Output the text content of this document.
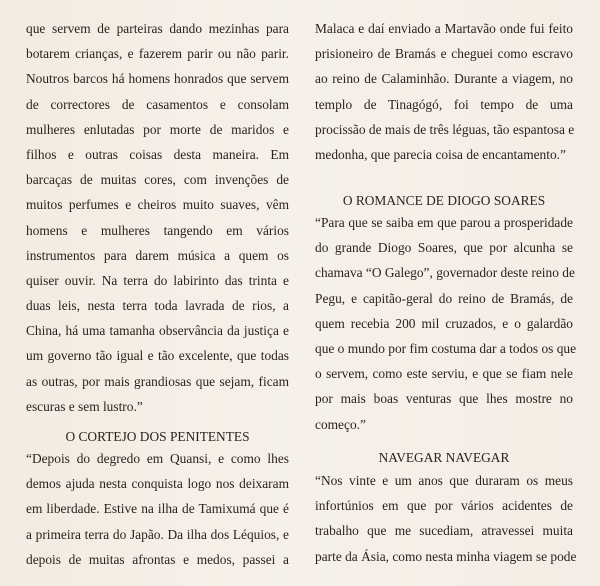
que servem de parteiras dando mezinhas para
botarem crianças, e fazerem parir ou não parir.
Noutros barcos há homens honrados que servem
de correctores de casamentos e consolam
mulheres enlutadas por morte de maridos e
filhos e outras coisas desta maneira. Em
barcaças de muitas cores, com invenções de
muitos perfumes e cheiros muito suaves, vêm
homens e mulheres tangendo em vários
instrumentos para darem música a quem os
quiser ouvir. Na terra do labirinto das trinta e
duas leis, nesta terra toda lavrada de rios, a
China, há uma tamanha observância da justiça e
um governo tão igual e tão excelente, que todas
as outras, por mais grandiosas que sejam, ficam
escuras e sem lustro.”
O CORTEJO DOS PENITENTES
“Depois do degredo em Quansi, e como lhes
demos ajuda nesta conquista logo nos deixaram
em liberdade. Estive na ilha de Tamixumá que é
a primeira terra do Japão. Da ilha dos Léquios, e
depois de muitas afrontas e medos, passei a
Malaca e daí enviado a Martavão onde fui feito
prisioneiro de Bramás e cheguei como escravo
ao reino de Calaminhão. Durante a viagem, no
templo de Tinagógó, foi tempo de uma
procissão de mais de três léguas, tão espantosa e
medonha, que parecia coisa de encantamento.”
O ROMANCE DE DIOGO SOARES
“Para que se saiba em que parou a prosperidade
do grande Diogo Soares, que por alcunha se
chamava “O Galego”, governador deste reino de
Pegu, e capitão-geral do reino de Bramás, de
quem recebia 200 mil cruzados, e o galardão
que o mundo por fim costuma dar a todos os que
o servem, como este serviu, e que se fiam nele
por mais boas venturas que lhes mostre no
começo.”
NAVEGAR NAVEGAR
“Nos vinte e um anos que duraram os meus
infortúnios em que por vários acidentes de
trabalho que me sucediam, atravessei muita
parte da Ásia, como nesta minha viagem se pode
